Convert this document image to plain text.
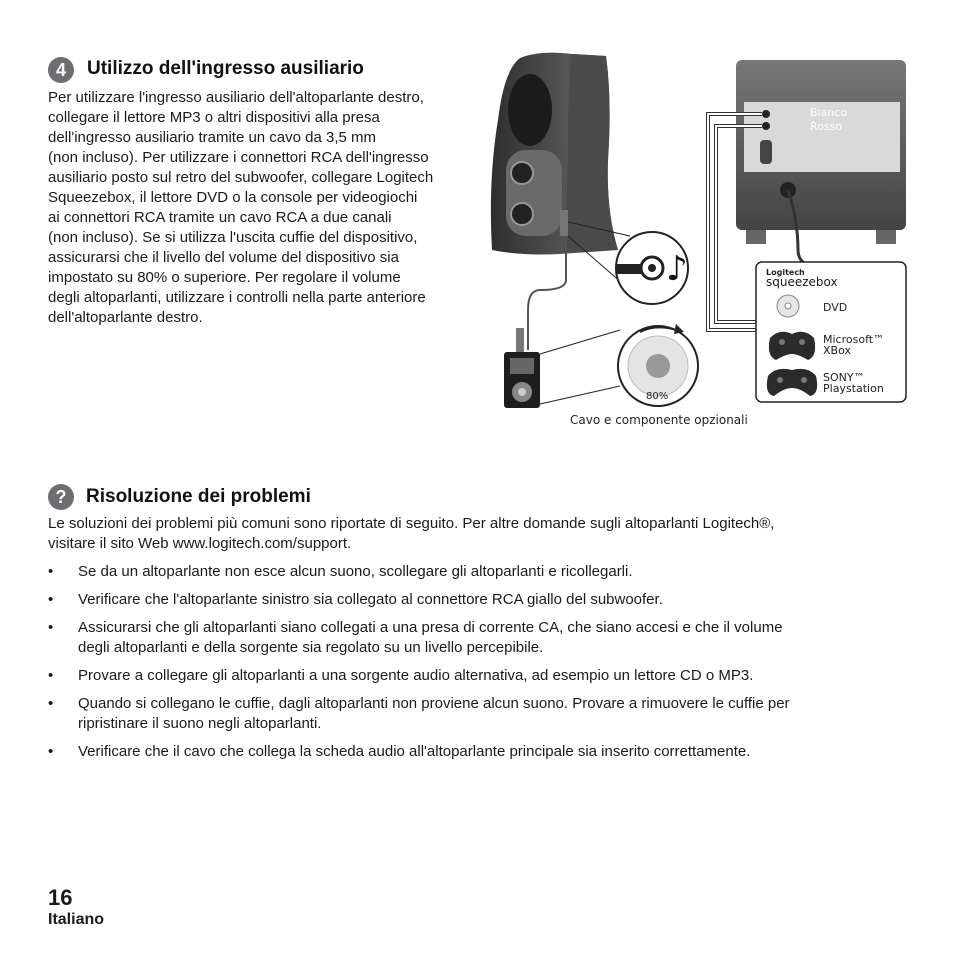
4	Utilizzo dell'ingresso ausiliario
Per utilizzare l'ingresso ausiliario dell'altoparlante destro,
collegare il lettore MP3 o altri dispositivi alla presa
dell'ingresso ausiliario tramite un cavo da 3,5 mm
(non incluso). Per utilizzare i connettori RCA dell'ingresso
ausiliario posto sul retro del subwoofer, collegare Logitech
Squeezebox, il lettore DVD o la console per videogiochi
ai connettori RCA tramite un cavo RCA a due canali
(non incluso). Se si utilizza l'uscita cuffie del dispositivo,
assicurarsi che il livello del volume del dispositivo sia
impostato su 80% o superiore. Per regolare il volume
degli altoparlanti, utilizzare i controlli nella parte anteriore
dell'altoparlante destro.
♪
80%
Bianco
Rosso
Logitech
squeezebox
DVD
Microsoft™
XBox
SONY™
Playstation
Cavo e componente opzionali
?	Risoluzione dei problemi
Le soluzioni dei problemi più comuni sono riportate di seguito. Per altre domande sugli altoparlanti Logitech®,
visitare il sito Web www.logitech.com/support.
• Se da un altoparlante non esce alcun suono, scollegare gli altoparlanti e ricollegarli.
• Verificare che l'altoparlante sinistro sia collegato al connettore RCA giallo del subwoofer.
• Assicurarsi che gli altoparlanti siano collegati a una presa di corrente CA, che siano accesi e che il volume degli altoparlanti e della sorgente sia regolato su un livello percepibile.
• Provare a collegare gli altoparlanti a una sorgente audio alternativa, ad esempio un lettore CD o MP3.
• Quando si collegano le cuffie, dagli altoparlanti non proviene alcun suono. Provare a rimuovere le cuffie per ripristinare il suono negli altoparlanti.
• Verificare che il cavo che collega la scheda audio all'altoparlante principale sia inserito correttamente.
16
Italiano
